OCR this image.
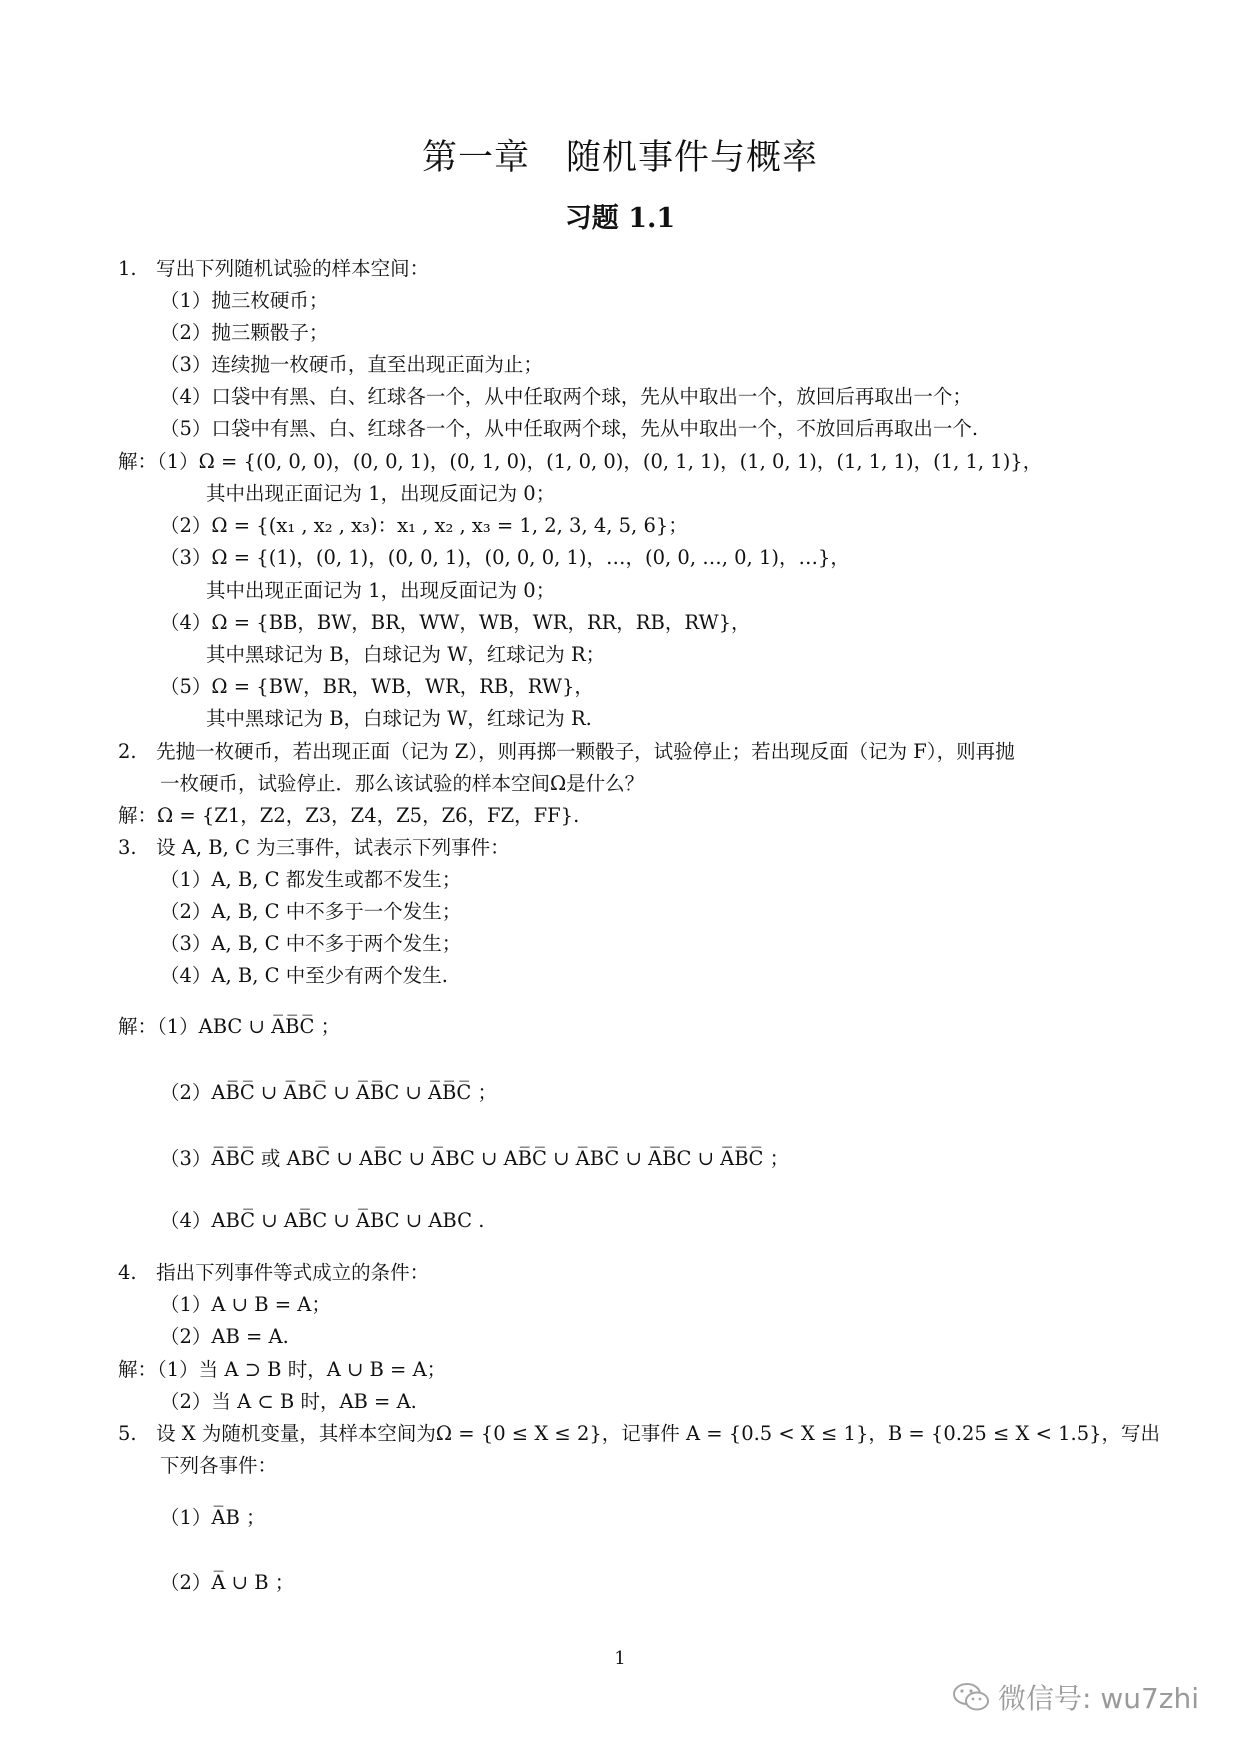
第一章　随机事件与概率
习题 1.1
1.　写出下列随机试验的样本空间：
（1）抛三枚硬币；
（2）抛三颗骰子；
（3）连续抛一枚硬币，直至出现正面为止；
（4）口袋中有黑、白、红球各一个，从中任取两个球，先从中取出一个，放回后再取出一个；
（5）口袋中有黑、白、红球各一个，从中任取两个球，先从中取出一个，不放回后再取出一个.
解：（1）Ω = {(0, 0, 0)，(0, 0, 1)，(0, 1, 0)，(1, 0, 0)，(0, 1, 1)，(1, 0, 1)，(1, 1, 1)，(1, 1, 1)}，
其中出现正面记为 1，出现反面记为 0；
（2）Ω = {(x₁ , x₂ , x₃)：x₁ , x₂ , x₃ = 1, 2, 3, 4, 5, 6}；
（3）Ω = {(1)，(0, 1)，(0, 0, 1)，(0, 0, 0, 1)，…，(0, 0, …, 0, 1)，…}，
其中出现正面记为 1，出现反面记为 0；
（4）Ω = {BB，BW，BR，WW，WB，WR，RR，RB，RW}，
其中黑球记为 B，白球记为 W，红球记为 R；
（5）Ω = {BW，BR，WB，WR，RB，RW}，
其中黑球记为 B，白球记为 W，红球记为 R.
2.　先抛一枚硬币，若出现正面（记为 Z），则再掷一颗骰子，试验停止；若出现反面（记为 F），则再抛
一枚硬币，试验停止．那么该试验的样本空间Ω是什么？
解：Ω = {Z1，Z2，Z3，Z4，Z5，Z6，FZ，FF}.
3.　设 A, B, C 为三事件，试表示下列事件：
（1）A, B, C 都发生或都不发生；
（2）A, B, C 中不多于一个发生；
（3）A, B, C 中不多于两个发生；
（4）A, B, C 中至少有两个发生.
解：（1）ABC ∪ A̅B̅C̅ ；
（2）AB̅C̅ ∪ A̅BC̅ ∪ A̅B̅C ∪ A̅B̅C̅ ；
（3）A̅B̅C̅ 或 ABC̅ ∪ AB̅C ∪ A̅BC ∪ AB̅C̅ ∪ A̅BC̅ ∪ A̅B̅C ∪ A̅B̅C̅ ；
（4）ABC̅ ∪ AB̅C ∪ A̅BC ∪ ABC .
4.　指出下列事件等式成立的条件：
（1）A ∪ B = A；
（2）AB = A.
解：（1）当 A ⊃ B 时，A ∪ B = A；
（2）当 A ⊂ B 时，AB = A.
5.　设 X 为随机变量，其样本空间为Ω = {0 ≤ X ≤ 2}，记事件 A = {0.5 < X ≤ 1}，B = {0.25 ≤ X < 1.5}，写出
下列各事件：
（1）A̅B ；
（2）A̅ ∪ B ；
1
微信号: wu7zhi
